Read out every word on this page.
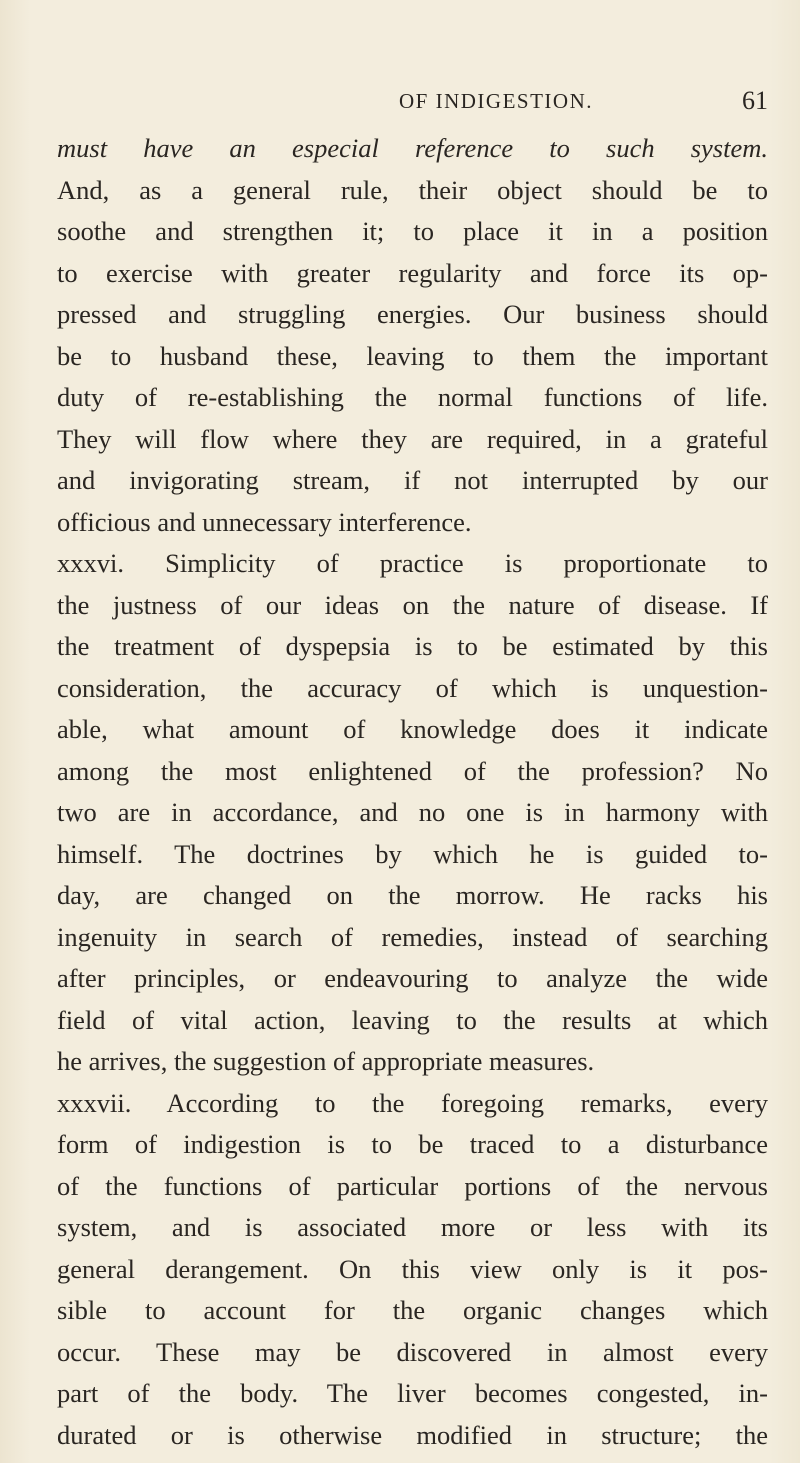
OF INDIGESTION.	61
must have an especial reference to such system.
And, as a general rule, their object should be to
soothe and strengthen it; to place it in a position
to exercise with greater regularity and force its op-
pressed and struggling energies. Our business should
be to husband these, leaving to them the important
duty of re-establishing the normal functions of life.
They will flow where they are required, in a grateful
and invigorating stream, if not interrupted by our
officious and unnecessary interference.
xxxvi. Simplicity of practice is proportionate to
the justness of our ideas on the nature of disease. If
the treatment of dyspepsia is to be estimated by this
consideration, the accuracy of which is unquestion-
able, what amount of knowledge does it indicate
among the most enlightened of the profession? No
two are in accordance, and no one is in harmony with
himself. The doctrines by which he is guided to-
day, are changed on the morrow. He racks his
ingenuity in search of remedies, instead of searching
after principles, or endeavouring to analyze the wide
field of vital action, leaving to the results at which
he arrives, the suggestion of appropriate measures.
xxxvii. According to the foregoing remarks, every
form of indigestion is to be traced to a disturbance
of the functions of particular portions of the nervous
system, and is associated more or less with its
general derangement. On this view only is it pos-
sible to account for the organic changes which
occur. These may be discovered in almost every
part of the body. The liver becomes congested, in-
durated or is otherwise modified in structure; the
